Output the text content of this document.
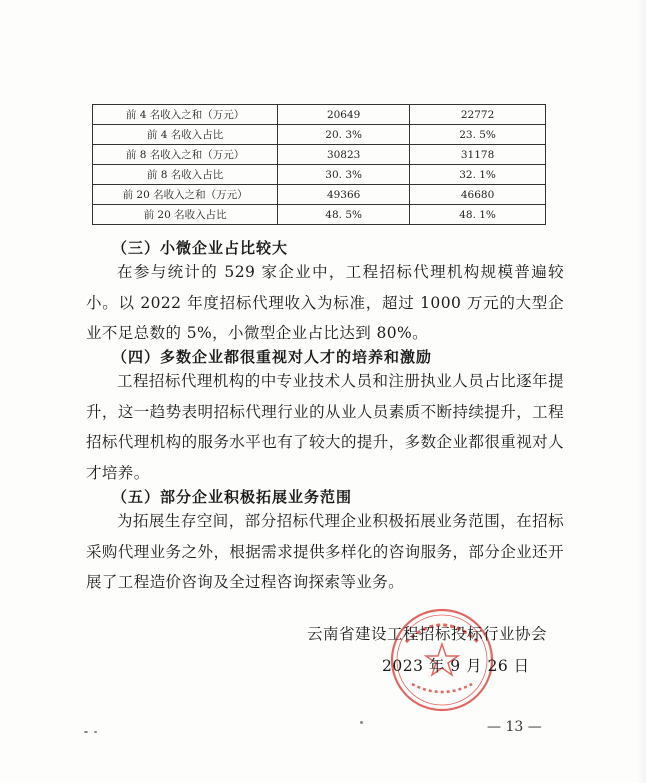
前 4 名收入之和（万元）	20649	22772
前 4 名收入占比	20. 3%	23. 5%
前 8 名收入之和（万元）	30823	31178
前 8 名收入占比	30. 3%	32. 1%
前 20 名收入之和（万元）	49366	46680
前 20 名收入占比	48. 5%	48. 1%
（三）小微企业占比较大
在参与统计的 529 家企业中，工程招标代理机构规模普遍较小。以 2022 年度招标代理收入为标准，超过 1000 万元的大型企业不足总数的 5%，小微型企业占比达到 80%。
（四）多数企业都很重视对人才的培养和激励
工程招标代理机构的中专业技术人员和注册执业人员占比逐年提升，这一趋势表明招标代理行业的从业人员素质不断持续提升，工程招标代理机构的服务水平也有了较大的提升，多数企业都很重视对人才培养。
（五）部分企业积极拓展业务范围
为拓展生存空间，部分招标代理企业积极拓展业务范围，在招标采购代理业务之外，根据需求提供多样化的咨询服务，部分企业还开展了工程造价咨询及全过程咨询探索等业务。
云南省建设工程招标投标行业协会
2023 年 9 月 26 日
— 13 —
